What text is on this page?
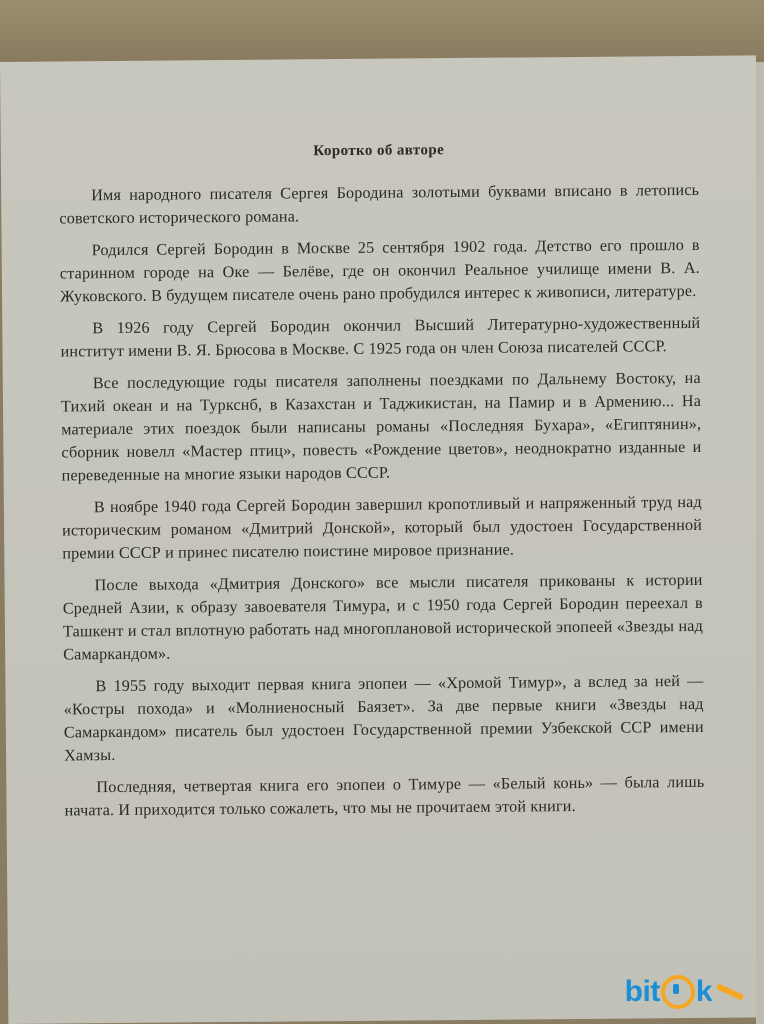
Коротко об авторе

Имя народного писателя Сергея Бородина золотыми буквами вписано в летопись советского исторического романа.

Родился Сергей Бородин в Москве 25 сентября 1902 года. Детство его прошло в старинном городе на Оке — Белёве, где он окончил Реальное училище имени В. А. Жуковского. В будущем писателе очень рано пробудился интерес к живописи, литературе.

В 1926 году Сергей Бородин окончил Высший Литературно-художественный институт имени В. Я. Брюсова в Москве. С 1925 года он член Союза писателей СССР.

Все последующие годы писателя заполнены поездками по Дальнему Востоку, на Тихий океан и на Туркснб, в Казахстан и Таджикистан, на Памир и в Армению... На материале этих поездок были написаны романы «Последняя Бухара», «Египтянин», сборник новелл «Мастер птиц», повесть «Рождение цветов», неоднократно изданные и переведенные на многие языки народов СССР.

В ноябре 1940 года Сергей Бородин завершил кропотливый и напряженный труд над историческим романом «Дмитрий Донской», который был удостоен Государственной премии СССР и принес писателю поистине мировое признание.

После выхода «Дмитрия Донского» все мысли писателя прикованы к истории Средней Азии, к образу завоевателя Тимура, и с 1950 года Сергей Бородин переехал в Ташкент и стал вплотную работать над многоплановой исторической эпопеей «Звезды над Самаркандом».

В 1955 году выходит первая книга эпопеи — «Хромой Тимур», а вслед за ней — «Костры похода» и «Молниеносный Баязет». За две первые книги «Звезды над Самаркандом» писатель был удостоен Государственной премии Узбекской ССР имени Хамзы.

Последняя, четвертая книга его эпопеи о Тимуре — «Белый конь» — была лишь начата. И приходится только сожалеть, что мы не прочитаем этой книги.

bit k
